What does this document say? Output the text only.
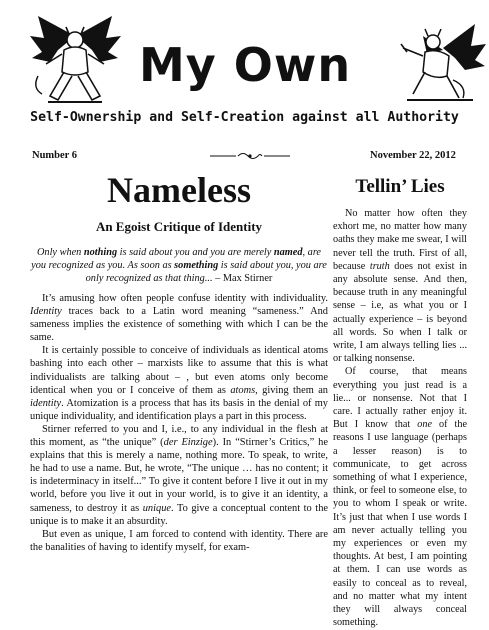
My Own
Self-Ownership and Self-Creation against all Authority
Number 6	November 22, 2012
Nameless
An Egoist Critique of Identity
Only when nothing is said about you and you are merely named, are you recognized as you. As soon as something is said about you, you are only recognized as that thing... – Max Stirner

It’s amusing how often people confuse identity with individuality. Identity traces back to a Latin word meaning “sameness.” And sameness implies the existence of something with which I can be the same.

It is certainly possible to conceive of individuals as identical atoms bashing into each other – marxists like to assume that this is what individualists are talking about – , but even atoms only become identical when you or I conceive of them as atoms, giving them an identity. Atomization is a process that has its basis in the denial of my unique individuality, and identification plays a part in this process.

Stirner referred to you and I, i.e., to any individual in the flesh at this moment, as “the unique” (der Einzige). In “Stirner’s Critics,” he explains that this is merely a name, nothing more. To speak, to write, he had to use a name. But, he wrote, “The unique … has no content; it is indeterminacy in itself...” To give it content before I live it out in my world, before you live it out in your world, is to give it an identity, a sameness, to destroy it as unique. To give a conceptual content to the unique is to make it an absurdity.

But even as unique, I am forced to contend with identity. There are the banalities of having to identify myself, for exam-

Tellin’ Lies

No matter how often they exhort me, no matter how many oaths they make me swear, I will never tell the truth. First of all, because truth does not exist in any absolute sense. And then, because truth in any meaningful sense – i.e, as what you or I actually experience – is beyond all words. So when I talk or write, I am always telling lies ... or talking nonsense.

Of course, that means everything you just read is a lie... or nonsense. Not that I care. I actually rather enjoy it. But I know that one of the reasons I use language (perhaps a lesser reason) is to communicate, to get across something of what I experience, think, or feel to someone else, to you to whom I speak or write. It’s just that when I use words I am never actually telling you my experiences or even my thoughts. At best, I am pointing at them. I can use words as easily to conceal as to reveal, and no matter what my intent they will always conceal something.
